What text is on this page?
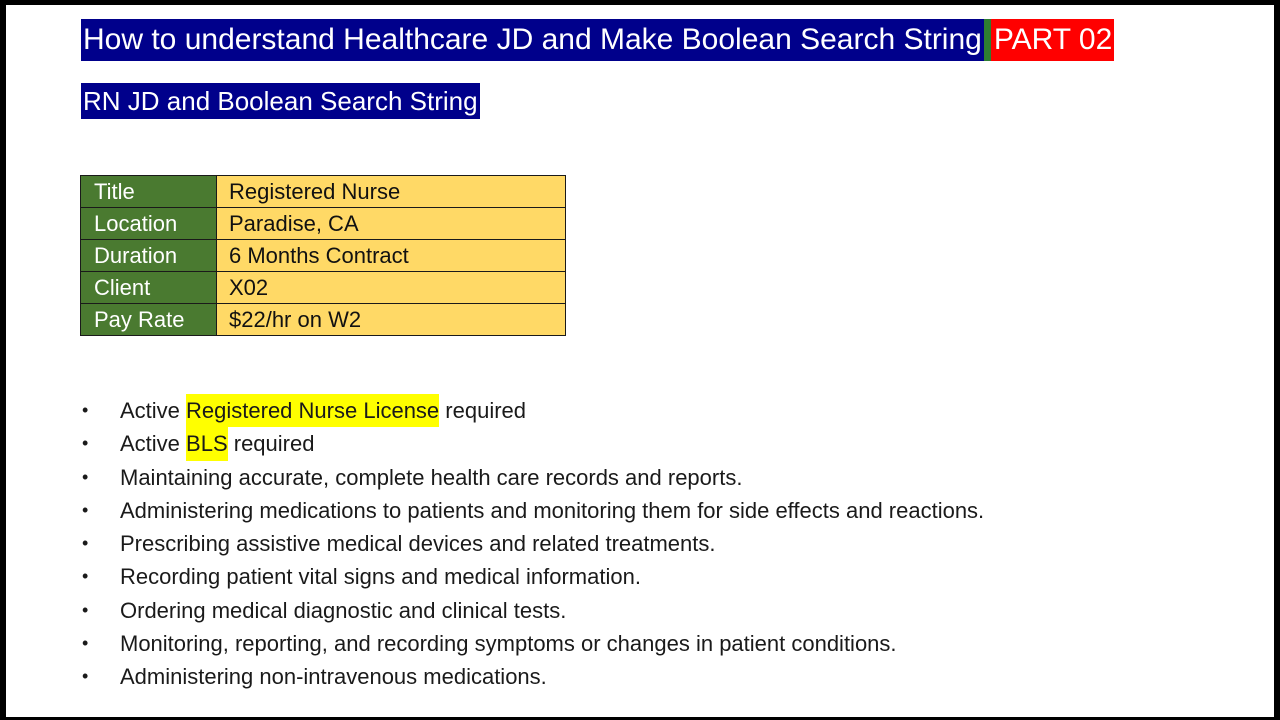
How to understand Healthcare JD and Make Boolean Search String PART 02
RN JD and Boolean Search String
Title	Registered Nurse
Location	Paradise, CA
Duration	6 Months Contract
Client	X02
Pay Rate	$22/hr on W2
•	Active Registered Nurse License required
•	Active BLS required
•	Maintaining accurate, complete health care records and reports.
•	Administering medications to patients and monitoring them for side effects and reactions.
•	Prescribing assistive medical devices and related treatments.
•	Recording patient vital signs and medical information.
•	Ordering medical diagnostic and clinical tests.
•	Monitoring, reporting, and recording symptoms or changes in patient conditions.
•	Administering non-intravenous medications.
